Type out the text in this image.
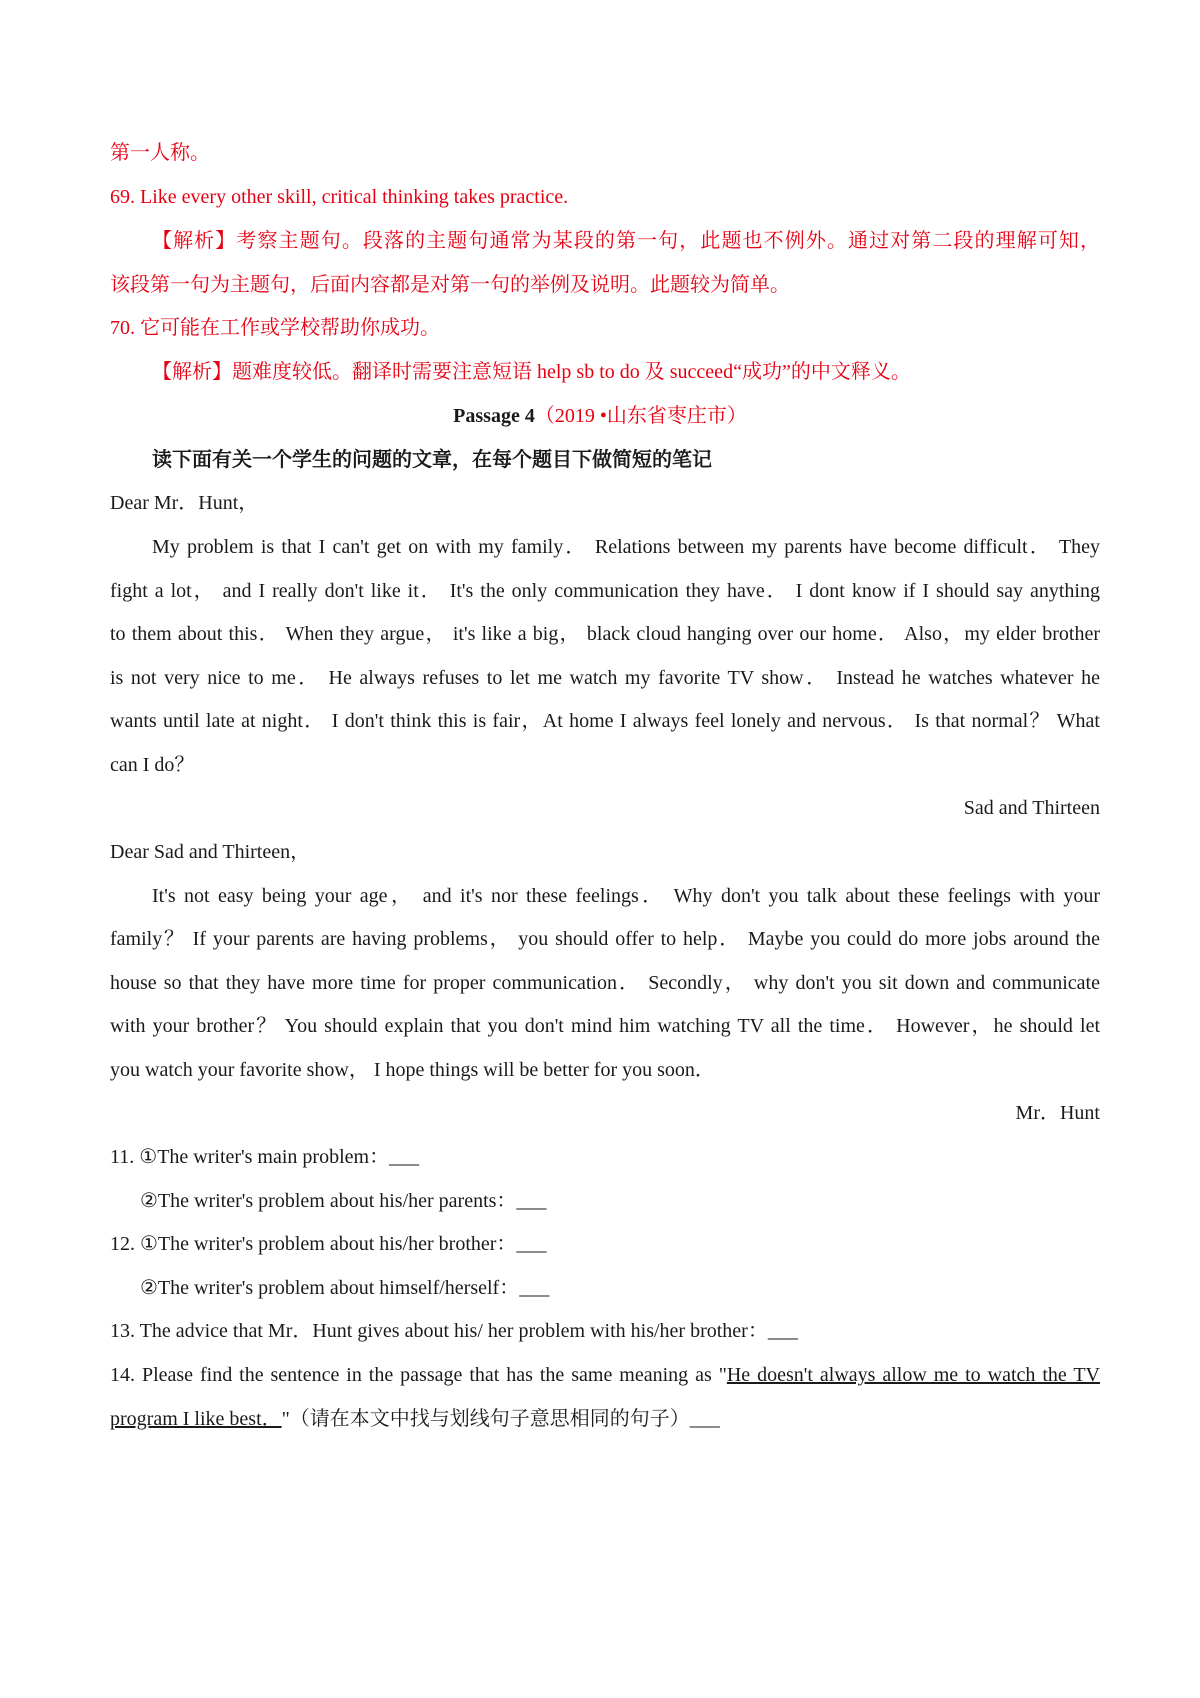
第一人称。
69. Like every other skill, critical thinking takes practice.
【解析】考察主题句。段落的主题句通常为某段的第一句，此题也不例外。通过对第二段的理解可知，
该段第一句为主题句，后面内容都是对第一句的举例及说明。此题较为简单。
70. 它可能在工作或学校帮助你成功。
【解析】题难度较低。翻译时需要注意短语 help sb to do 及 succeed“成功”的中文释义。
Passage 4（2019 •山东省枣庄市）
读下面有关一个学生的问题的文章，在每个题目下做简短的笔记
Dear Mr．Hunt，
My problem is that I can't get on with my family． Relations between my parents have become difficult． They
fight a lot， and I really don't like it． It's the only communication they have． I dont know if I should say anything
to them about this． When they argue， it's like a big， black cloud hanging over our home． Also，my elder brother
is not very nice to me． He always refuses to let me watch my favorite TV show． Instead he watches whatever he
wants until late at night． I don't think this is fair，At home I always feel lonely and nervous． Is that normal？ What
can I do？
Sad and Thirteen
Dear Sad and Thirteen，
It's not easy being your age， and it's nor these feelings． Why don't you talk about these feelings with your
family？ If your parents are having problems， you should offer to help． Maybe you could do more jobs around the
house so that they have more time for proper communication． Secondly， why don't you sit down and communicate
with your brother？ You should explain that you don't mind him watching TV all the time． However，he should let
you watch your favorite show， I hope things will be better for you soon．
Mr．Hunt
11. ①The writer's main problem：___
②The writer's problem about his/her parents：___
12. ①The writer's problem about his/her brother：___
②The writer's problem about himself/herself：___
13. The advice that Mr．Hunt gives about his/ her problem with his/her brother：___
14. Please find the sentence in the passage that has the same meaning as "He doesn't always allow me to watch the TV
program I like best．"（请在本文中找与划线句子意思相同的句子）___
